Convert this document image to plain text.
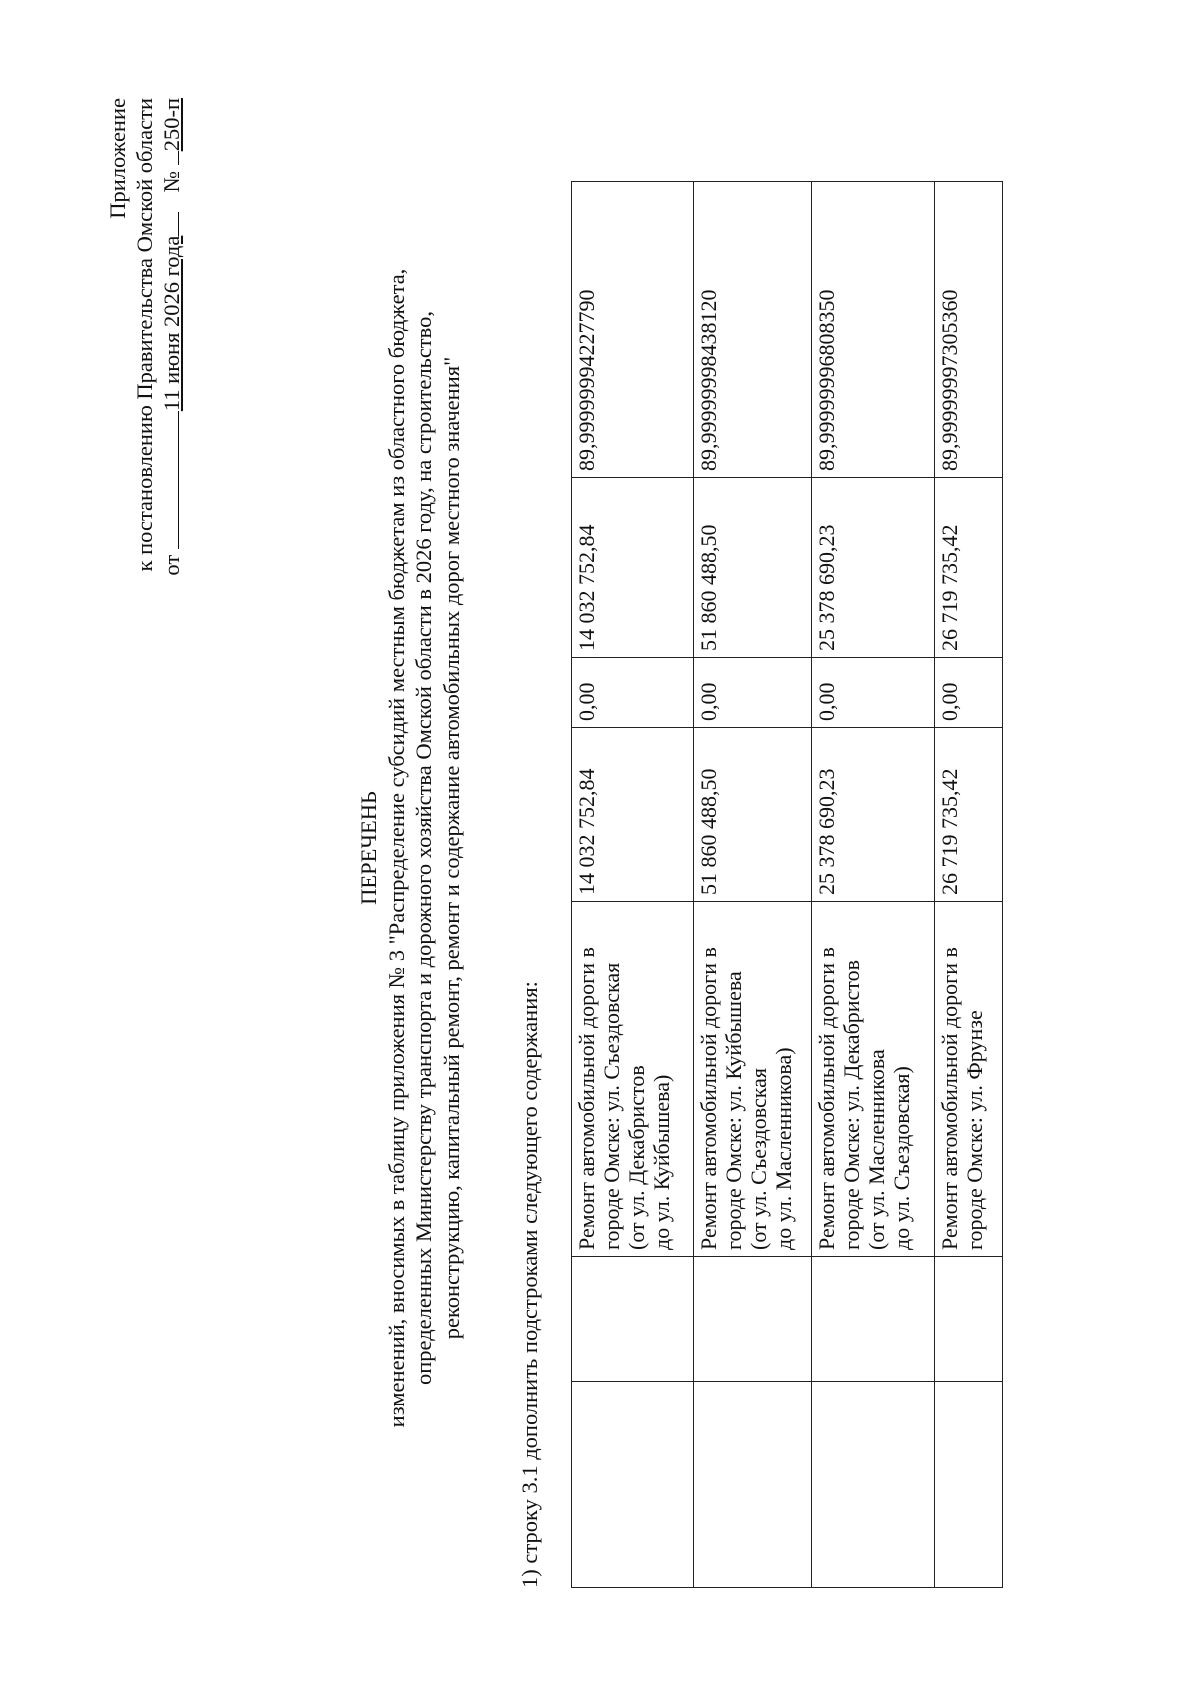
Приложение к постановлению Правительства Омской области от 11 июня 2026 года  № 250-п
ПЕРЕЧЕНЬ изменений, вносимых в таблицу приложения № 3 "Распределение субсидий местным бюджетам из областного бюджета, определенных Министерству транспорта и дорожного хозяйства Омской области в 2026 году, на строительство, реконструкцию, капитальный ремонт, ремонт и содержание автомобильных дорог местного значения" 1) строку 3.1 дополнить подстроками следующего содержания:
		Ремонт автомобильной дороги в
городе Омске: ул. Съездовская
(от ул. Декабристов
до ул. Куйбышева)	14 032 752,84	0,00	14 032 752,84	89,99999994227790
		Ремонт автомобильной дороги в
городе Омске: ул. Куйбышева
(от ул. Съездовская
до ул. Масленникова)	51 860 488,50	0,00	51 860 488,50	89,99999998438120
		Ремонт автомобильной дороги в
городе Омске: ул. Декабристов
(от ул. Масленникова
до ул. Съездовская)	25 378 690,23	0,00	25 378 690,23	89,99999996808350
		Ремонт автомобильной дороги в
городе Омске: ул. Фрунзе	26 719 735,42	0,00	26 719 735,42	89,99999997305360
